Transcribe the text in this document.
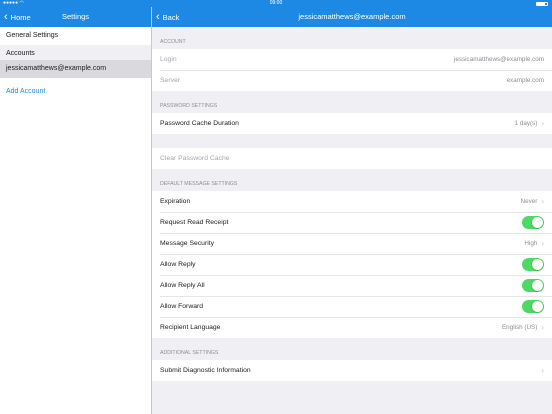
●●●●● ◠	09:00
‹ Home	Settings	‹ Back	jessicamatthews@example.com
General Settings
Accounts
jessicamatthews@example.com
Add Account
ACCOUNT
Login	jessicamatthews@example.com
Server	example.com
PASSWORD SETTINGS
Password Cache Duration	1 day(s) ›
Clear Password Cache
DEFAULT MESSAGE SETTINGS
Expiration	Never ›
Request Read Receipt
Message Security	High ›
Allow Reply
Allow Reply All
Allow Forward
Recipient Language	English (US) ›
ADDITIONAL SETTINGS
Submit Diagnostic Information	›
